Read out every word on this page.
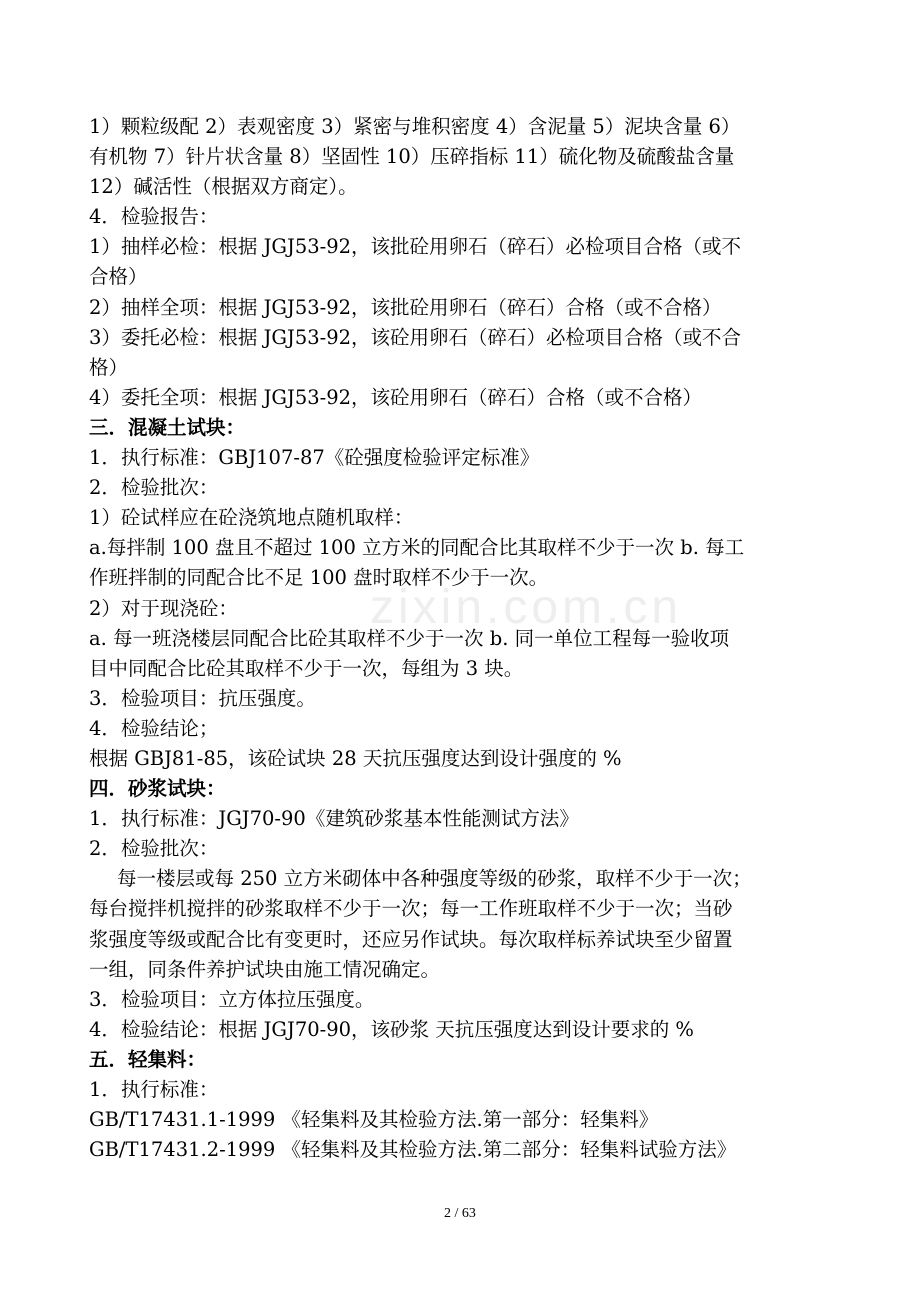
zixin.com.cn
1）颗粒级配 2）表观密度 3）紧密与堆积密度 4）含泥量 5）泥块含量 6）
有机物 7）针片状含量 8）坚固性 10）压碎指标 11）硫化物及硫酸盐含量
12）碱活性（根据双方商定）。
4．检验报告：
1）抽样必检：根据 JGJ53-92，该批砼用卵石（碎石）必检项目合格（或不
合格）
2）抽样全项：根据 JGJ53-92，该批砼用卵石（碎石）合格（或不合格）
3）委托必检：根据 JGJ53-92，该砼用卵石（碎石）必检项目合格（或不合
格）
4）委托全项：根据 JGJ53-92，该砼用卵石（碎石）合格（或不合格）
三．混凝土试块：
1．执行标准：GBJ107-87《砼强度检验评定标准》
2．检验批次：
1）砼试样应在砼浇筑地点随机取样：
a.每拌制 100 盘且不超过 100 立方米的同配合比其取样不少于一次 b. 每工
作班拌制的同配合比不足 100 盘时取样不少于一次。
2）对于现浇砼：
a. 每一班浇楼层同配合比砼其取样不少于一次 b. 同一单位工程每一验收项
目中同配合比砼其取样不少于一次，每组为 3 块。
3．检验项目：抗压强度。
4．检验结论；
根据 GBJ81-85，该砼试块 28 天抗压强度达到设计强度的 %
四．砂浆试块：
1．执行标准：JGJ70-90《建筑砂浆基本性能测试方法》
2．检验批次：
每一楼层或每 250 立方米砌体中各种强度等级的砂浆，取样不少于一次；
每台搅拌机搅拌的砂浆取样不少于一次；每一工作班取样不少于一次；当砂
浆强度等级或配合比有变更时，还应另作试块。每次取样标养试块至少留置
一组，同条件养护试块由施工情况确定。
3．检验项目：立方体拉压强度。
4．检验结论：根据 JGJ70-90，该砂浆 天抗压强度达到设计要求的 %
五．轻集料：
1．执行标准：
GB/T17431.1-1999 《轻集料及其检验方法.第一部分：轻集料》
GB/T17431.2-1999 《轻集料及其检验方法.第二部分：轻集料试验方法》
2 / 63
